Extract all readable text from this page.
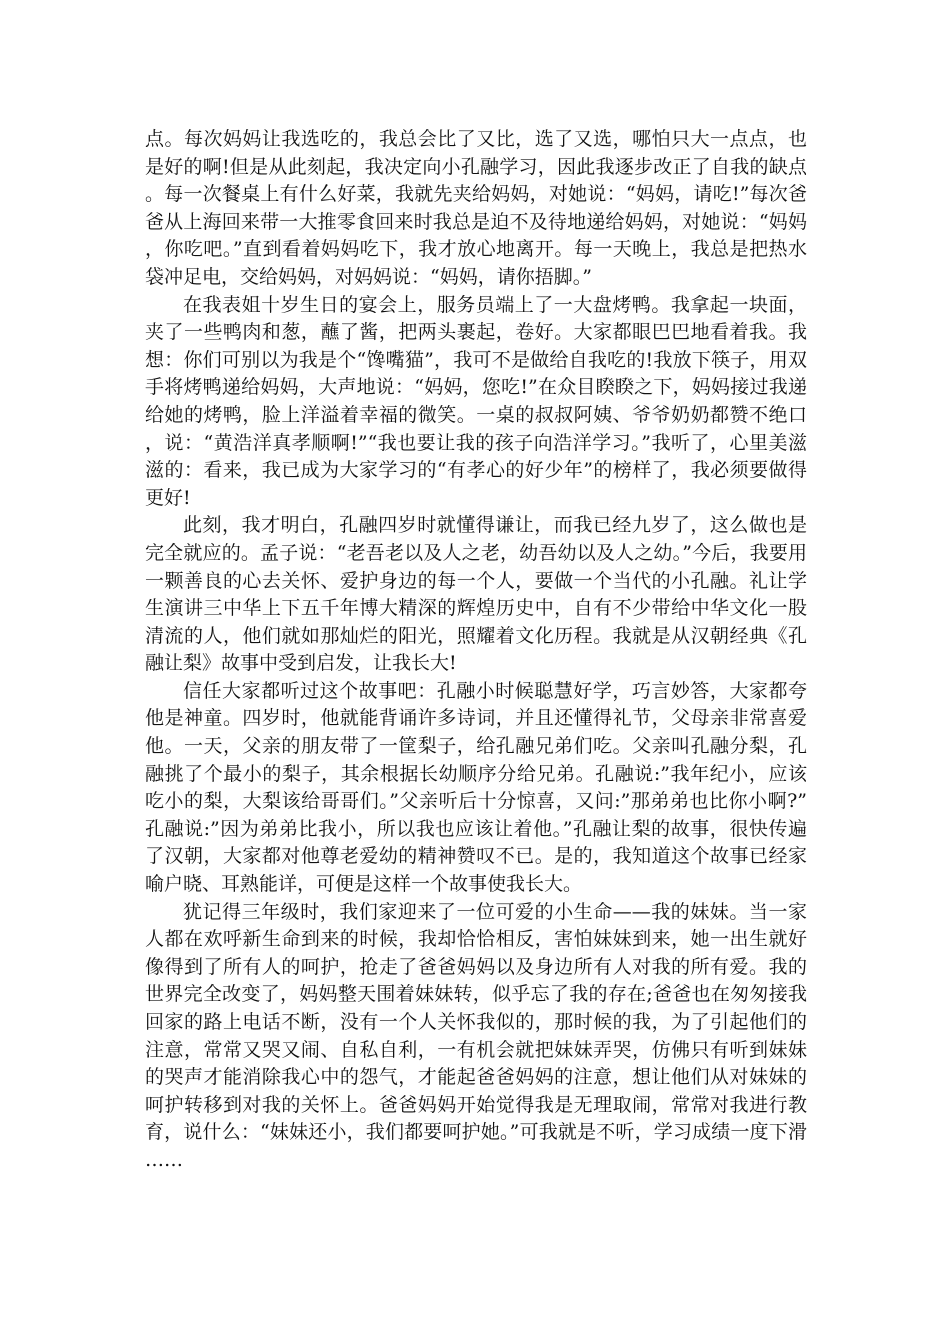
点。每次妈妈让我选吃的，我总会比了又比，选了又选，哪怕只大一点点，也是好的啊!但是从此刻起，我决定向小孔融学习，因此我逐步改正了自我的缺点。每一次餐桌上有什么好菜，我就先夹给妈妈，对她说：“妈妈，请吃!”每次爸爸从上海回来带一大推零食回来时我总是迫不及待地递给妈妈，对她说：“妈妈，你吃吧。”直到看着妈妈吃下，我才放心地离开。每一天晚上，我总是把热水袋冲足电，交给妈妈，对妈妈说：“妈妈，请你捂脚。”

在我表姐十岁生日的宴会上，服务员端上了一大盘烤鸭。我拿起一块面，夹了一些鸭肉和葱，蘸了酱，把两头裹起，卷好。大家都眼巴巴地看着我。我想：你们可别以为我是个“馋嘴猫”，我可不是做给自我吃的!我放下筷子，用双手将烤鸭递给妈妈，大声地说：“妈妈，您吃!”在众目睽睽之下，妈妈接过我递给她的烤鸭，脸上洋溢着幸福的微笑。一桌的叔叔阿姨、爷爷奶奶都赞不绝口，说：“黄浩洋真孝顺啊!”“我也要让我的孩子向浩洋学习。”我听了，心里美滋滋的：看来，我已成为大家学习的“有孝心的好少年”的榜样了，我必须要做得更好!

此刻，我才明白，孔融四岁时就懂得谦让，而我已经九岁了，这么做也是完全就应的。孟子说：“老吾老以及人之老，幼吾幼以及人之幼。”今后，我要用一颗善良的心去关怀、爱护身边的每一个人，要做一个当代的小孔融。礼让学生演讲三中华上下五千年博大精深的辉煌历史中，自有不少带给中华文化一股清流的人，他们就如那灿烂的阳光，照耀着文化历程。我就是从汉朝经典《孔融让梨》故事中受到启发，让我长大!

信任大家都听过这个故事吧：孔融小时候聪慧好学，巧言妙答，大家都夸他是神童。四岁时，他就能背诵许多诗词，并且还懂得礼节，父母亲非常喜爱他。一天，父亲的朋友带了一筐梨子，给孔融兄弟们吃。父亲叫孔融分梨，孔融挑了个最小的梨子，其余根据长幼顺序分给兄弟。孔融说:”我年纪小，应该吃小的梨，大梨该给哥哥们。”父亲听后十分惊喜，又问:”那弟弟也比你小啊?”孔融说:”因为弟弟比我小，所以我也应该让着他。”孔融让梨的故事，很快传遍了汉朝，大家都对他尊老爱幼的精神赞叹不已。是的，我知道这个故事已经家喻户晓、耳熟能详，可便是这样一个故事使我长大。

犹记得三年级时，我们家迎来了一位可爱的小生命——我的妹妹。当一家人都在欢呼新生命到来的时候，我却恰恰相反，害怕妹妹到来，她一出生就好像得到了所有人的呵护，抢走了爸爸妈妈以及身边所有人对我的所有爱。我的世界完全改变了，妈妈整天围着妹妹转，似乎忘了我的存在;爸爸也在匆匆接我回家的路上电话不断，没有一个人关怀我似的，那时候的我，为了引起他们的注意，常常又哭又闹、自私自利，一有机会就把妹妹弄哭，仿佛只有听到妹妹的哭声才能消除我心中的怨气，才能起爸爸妈妈的注意，想让他们从对妹妹的呵护转移到对我的关怀上。爸爸妈妈开始觉得我是无理取闹，常常对我进行教育，说什么：“妹妹还小，我们都要呵护她。”可我就是不听，学习成绩一度下滑……
